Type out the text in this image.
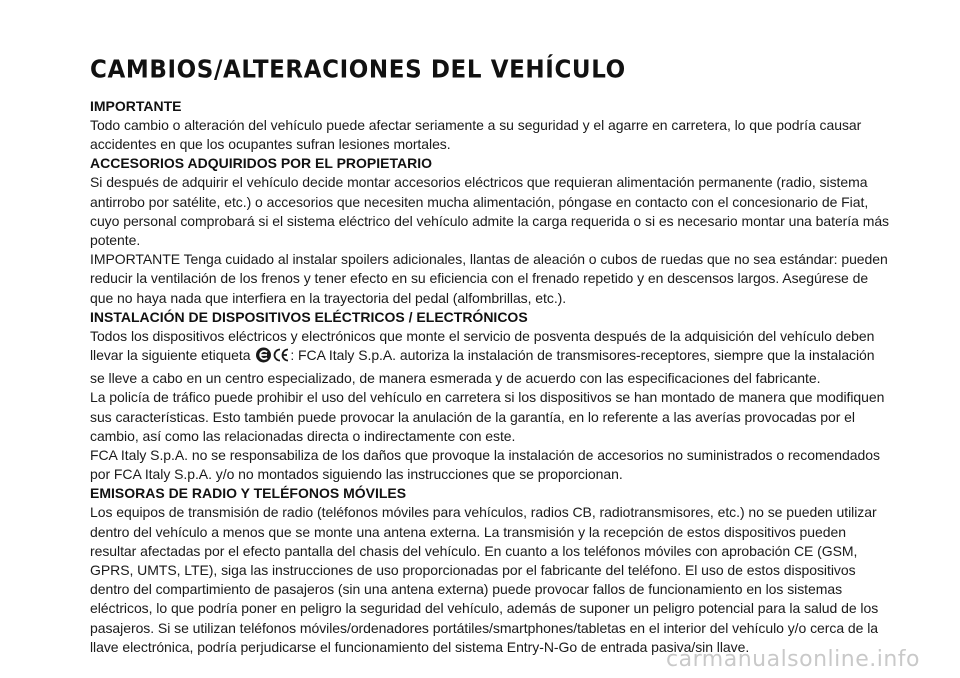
CAMBIOS/ALTERACIONES DEL VEHÍCULO
IMPORTANTE

Todo cambio o alteración del vehículo puede afectar seriamente a su seguridad y el agarre en carretera, lo que podría causar accidentes en que los ocupantes sufran lesiones mortales.

ACCESORIOS ADQUIRIDOS POR EL PROPIETARIO

Si después de adquirir el vehículo decide montar accesorios eléctricos que requieran alimentación permanente (radio, sistema antirrobo por satélite, etc.) o accesorios que necesiten mucha alimentación, póngase en contacto con el concesionario de Fiat, cuyo personal comprobará si el sistema eléctrico del vehículo admite la carga requerida o si es necesario montar una batería más potente.

IMPORTANTE Tenga cuidado al instalar spoilers adicionales, llantas de aleación o cubos de ruedas que no sea estándar: pueden reducir la ventilación de los frenos y tener efecto en su eficiencia con el frenado repetido y en descensos largos. Asegúrese de que no haya nada que interfiera en la trayectoria del pedal (alfombrillas, etc.).

INSTALACIÓN DE DISPOSITIVOS ELÉCTRICOS / ELECTRÓNICOS

Todos los dispositivos eléctricos y electrónicos que monte el servicio de posventa después de la adquisición del vehículo deben llevar la siguiente etiqueta	: FCA Italy S.p.A. autoriza la instalación de transmisores-receptores, siempre que la instalación se lleve a cabo en un centro especializado, de manera esmerada y de acuerdo con las especificaciones del fabricante.

La policía de tráfico puede prohibir el uso del vehículo en carretera si los dispositivos se han montado de manera que modifiquen sus características. Esto también puede provocar la anulación de la garantía, en lo referente a las averías provocadas por el cambio, así como las relacionadas directa o indirectamente con este.

FCA Italy S.p.A. no se responsabiliza de los daños que provoque la instalación de accesorios no suministrados o recomendados por FCA Italy S.p.A. y/o no montados siguiendo las instrucciones que se proporcionan.

EMISORAS DE RADIO Y TELÉFONOS MÓVILES

Los equipos de transmisión de radio (teléfonos móviles para vehículos, radios CB, radiotransmisores, etc.) no se pueden utilizar dentro del vehículo a menos que se monte una antena externa. La transmisión y la recepción de estos dispositivos pueden resultar afectadas por el efecto pantalla del chasis del vehículo. En cuanto a los teléfonos móviles con aprobación CE (GSM, GPRS, UMTS, LTE), siga las instrucciones de uso proporcionadas por el fabricante del teléfono. El uso de estos dispositivos dentro del compartimiento de pasajeros (sin una antena externa) puede provocar fallos de funcionamiento en los sistemas eléctricos, lo que podría poner en peligro la seguridad del vehículo, además de suponer un peligro potencial para la salud de los pasajeros. Si se utilizan teléfonos móviles/ordenadores portátiles/smartphones/tabletas en el interior del vehículo y/o cerca de la llave electrónica, podría perjudicarse el funcionamiento del sistema Entry-N-Go de entrada pasiva/sin llave.

carmanualsonline.info
